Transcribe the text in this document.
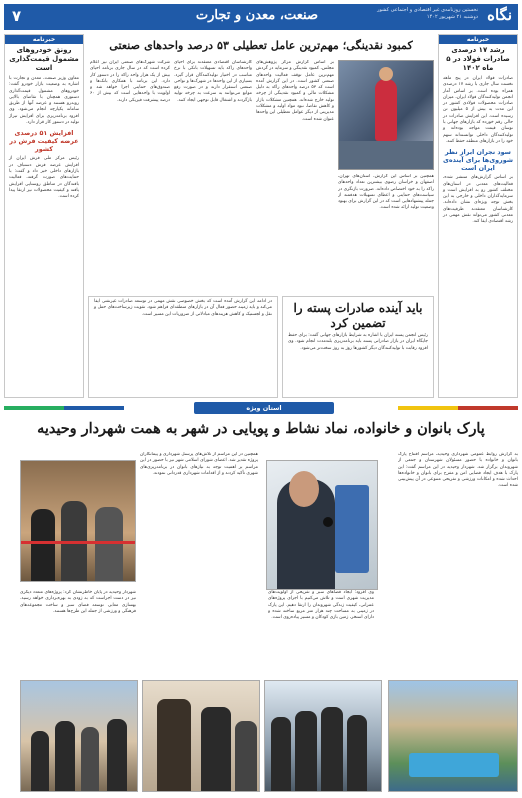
نگاه
صنعت، معدن و تجارت	نخستین روزنامه‌ی غیر‌ اقتصادی و اجتماعی کشور
دوشنبه ۲۱ شهریور ۱۴۰۲
۷
خبرنامه
رشد ۱۷ درصدی صادرات فولاد در ۵ ماه ۱۴۰۲
صادرات فولاد ایران در پنج ماهه نخست سال جاری با رشد ۱۷ درصدی همراه بوده است. بر اساس آمار انجمن تولیدکنندگان فولاد ایران، میزان صادرات محصولات فولادی کشور در این مدت به بیش از ۵ میلیون تن رسیده است. این افزایش صادرات در حالی رقم خورده که بازارهای جهانی با نوسان قیمت مواجه بوده‌اند و تولیدکنندگان داخلی توانسته‌اند سهم خود را در بازارهای منطقه حفظ کنند.
سود نجران ابراز نظر شوروی‌ها برای آینده‌ی ایران است
بر اساس گزارش‌های منتشر شده، فعالیت‌های معدنی در استان‌های مختلف کشور رو به افزایش است و سرمایه‌گذاران داخلی و خارجی به این بخش توجه ویژه‌ای نشان داده‌اند. کارشناسان معتقدند ظرفیت‌های معدنی کشور می‌تواند نقش مهمی در رشد اقتصادی ایفا کند.
خبرنامه
رونق خودروهای مشمول قیمت‌گذاری است
معاون وزیر صنعت، معدن و تجارت با اشاره به وضعیت بازار خودرو گفت: خودروهای مشمول قیمت‌گذاری دستوری همچنان با تقاضای بالایی روبه‌رو هستند و عرضه آنها از طریق سامانه یکپارچه انجام می‌شود. وی افزود برنامه‌ریزی برای افزایش تیراژ تولید در دستور کار قرار دارد.
افزایش ۵۱ درصدی عرضه کیفیت فرش در کشور
رئیس مرکز ملی فرش ایران از افزایش عرضه فرش دستباف در بازارهای داخلی خبر داد و گفت: با حمایت‌های صورت گرفته، فعالیت بافندگان در مناطق روستایی افزایش یافته و کیفیت محصولات نیز ارتقا پیدا کرده است.
کمبود نقدینگی؛ مهم‌ترین عامل تعطیلی ۵۳ درصد واحدهای صنعتی
بر اساس گزارش مرکز پژوهش‌های مجلس، کمبود نقدینگی و سرمایه در گردش مهم‌ترین عامل توقف فعالیت واحدهای صنعتی کشور است. در این گزارش آمده است که ۵۳ درصد واحدهای راکد به دلیل مشکلات مالی و کمبود نقدینگی از چرخه تولید خارج شده‌اند. همچنین مشکلات بازار و کاهش تقاضا، نبود مواد اولیه و مشکلات مدیریتی از دیگر عوامل تعطیلی این واحدها عنوان شده است.
کارشناسان اقتصادی معتقدند برای احیای واحدهای راکد باید تسهیلات بانکی با نرخ مناسب در اختیار تولیدکنندگان قرار گیرد. بسیاری از این واحدها در شهرک‌ها و نواحی صنعتی استقرار دارند و در صورت رفع موانع می‌توانند به سرعت به چرخه تولید بازگردند و اشتغال قابل توجهی ایجاد کنند.
شرکت شهرک‌های صنعتی ایران نیز اعلام کرده است که در سال جاری برنامه احیای بیش از یک هزار واحد راکد را در دستور کار دارد. این برنامه با همکاری بانک‌ها و صندوق‌های حمایتی اجرا خواهد شد و اولویت با واحدهایی است که بیش از ۶۰ درصد پیشرفت فیزیکی دارند.
همچنین بر اساس این گزارش، استان‌های تهران، اصفهان و خراسان رضوی بیشترین تعداد واحدهای راکد را به خود اختصاص داده‌اند. ضرورت بازنگری در سیاست‌های حمایتی و اعطای تسهیلات هدفمند از جمله پیشنهادهایی است که در این گزارش برای بهبود وضعیت تولید ارائه شده است.
در ادامه این گزارش آمده است که بخش خصوصی نقش مهمی در توسعه صادرات غیرنفتی ایفا می‌کند و باید زمینه حضور فعال آن در بازارهای منطقه‌ای فراهم شود. تقویت زیرساخت‌های حمل و نقل و لجستیک و کاهش هزینه‌های مبادلاتی از ضروریات این مسیر است.	باید آینده صادرات پسته را تضمین کرد
رئیس انجمن پسته ایران با اشاره به شرایط بازارهای جهانی گفت: برای حفظ جایگاه ایران در بازار صادراتی پسته باید برنامه‌ریزی بلندمدت انجام شود. وی افزود رقابت با تولیدکنندگان دیگر کشورها روز به روز سخت‌تر می‌شود.
استان ویژه
پارک بانوان و خانواده، نماد نشاط و پویایی در شهر به همت شهردار وحیدیه
به گزارش روابط عمومی شهرداری وحیدیه، مراسم افتتاح پارک بانوان و خانواده با حضور مسئولان شهرستان و جمعی از شهروندان برگزار شد. شهردار وحیدیه در این مراسم گفت: این پارک با هدف ایجاد فضایی امن و مفرح برای بانوان و خانواده‌ها احداث شده و امکانات ورزشی و تفریحی متنوعی در آن پیش‌بینی شده است.
وی افزود: ایجاد فضاهای سبز و تفریحی از اولویت‌های مدیریت شهری است و تلاش می‌کنیم با اجرای پروژه‌های عمرانی، کیفیت زندگی شهروندان را ارتقا دهیم. این پارک در زمینی به مساحت چند هزار متر مربع ساخته شده و دارای استخر، زمین بازی کودکان و مسیر پیاده‌روی است.
همچنین در این مراسم از تلاش‌های پرسنل شهرداری و پیمانکاران پروژه تقدیر شد. اعضای شورای اسلامی شهر نیز با حضور در این مراسم بر اهمیت توجه به نیازهای بانوان در برنامه‌ریزی‌های شهری تأکید کردند و از اقدامات شهرداری قدردانی نمودند.
شهردار وحیدیه در پایان خاطرنشان کرد: پروژه‌های متعدد دیگری نیز در دست اجراست که به زودی به بهره‌برداری خواهد رسید. بهسازی معابر، توسعه فضای سبز و ساخت مجموعه‌های فرهنگی و ورزشی از جمله این طرح‌ها هستند.
